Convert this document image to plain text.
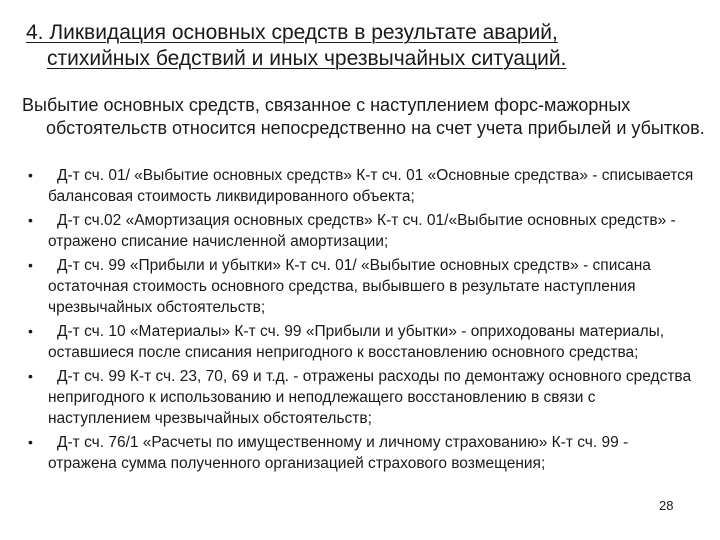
4. Ликвидация основных средств в результате аварий,
стихийных бедствий и иных чрезвычайных ситуаций.

Выбытие основных средств, связанное с наступлением форс-мажорных
обстоятельств относится непосредственно на счет учета прибылей и убытков.

• Д-т сч. 01/ «Выбытие основных средств» К-т сч. 01 «Основные средства» - списывается балансовая стоимость ликвидированного объекта;
• Д-т сч.02 «Амортизация основных средств» К-т сч. 01/«Выбытие основных средств» - отражено списание начисленной амортизации;
• Д-т сч. 99 «Прибыли и убытки» К-т сч. 01/ «Выбытие основных средств» - списана остаточная стоимость основного средства, выбывшего в результате наступления чрезвычайных обстоятельств;
• Д-т сч. 10 «Материалы» К-т сч. 99 «Прибыли и убытки» - оприходованы материалы, оставшиеся после списания непригодного к восстановлению основного средства;
• Д-т сч. 99 К-т сч. 23, 70, 69 и т.д. - отражены расходы по демонтажу основного средства непригодного к использованию и неподлежащего восстановлению в связи с наступлением чрезвычайных обстоятельств;
• Д-т сч. 76/1 «Расчеты по имущественному и личному страхованию» К-т сч. 99 - отражена сумма полученного организацией страхового возмещения;
28
